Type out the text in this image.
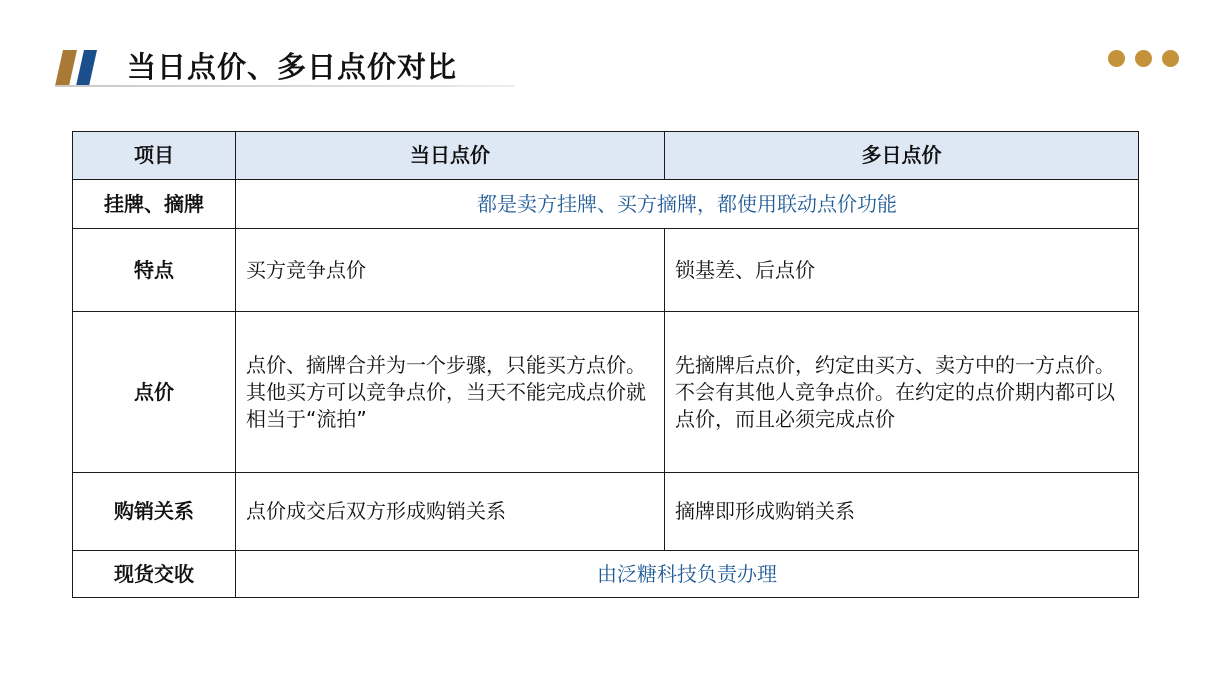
当日点价、多日点价对比
项目	当日点价	多日点价
挂牌、摘牌	都是卖方挂牌、买方摘牌，都使用联动点价功能	
特点	买方竞争点价	锁基差、后点价
点价	点价、摘牌合并为一个步骤，只能买方点价。其他买方可以竞争点价，当天不能完成点价就相当于“流拍”	先摘牌后点价，约定由买方、卖方中的一方点价。不会有其他人竞争点价。在约定的点价期内都可以点价，而且必须完成点价
购销关系	点价成交后双方形成购销关系	摘牌即形成购销关系
现货交收	由泛糖科技负责办理	
